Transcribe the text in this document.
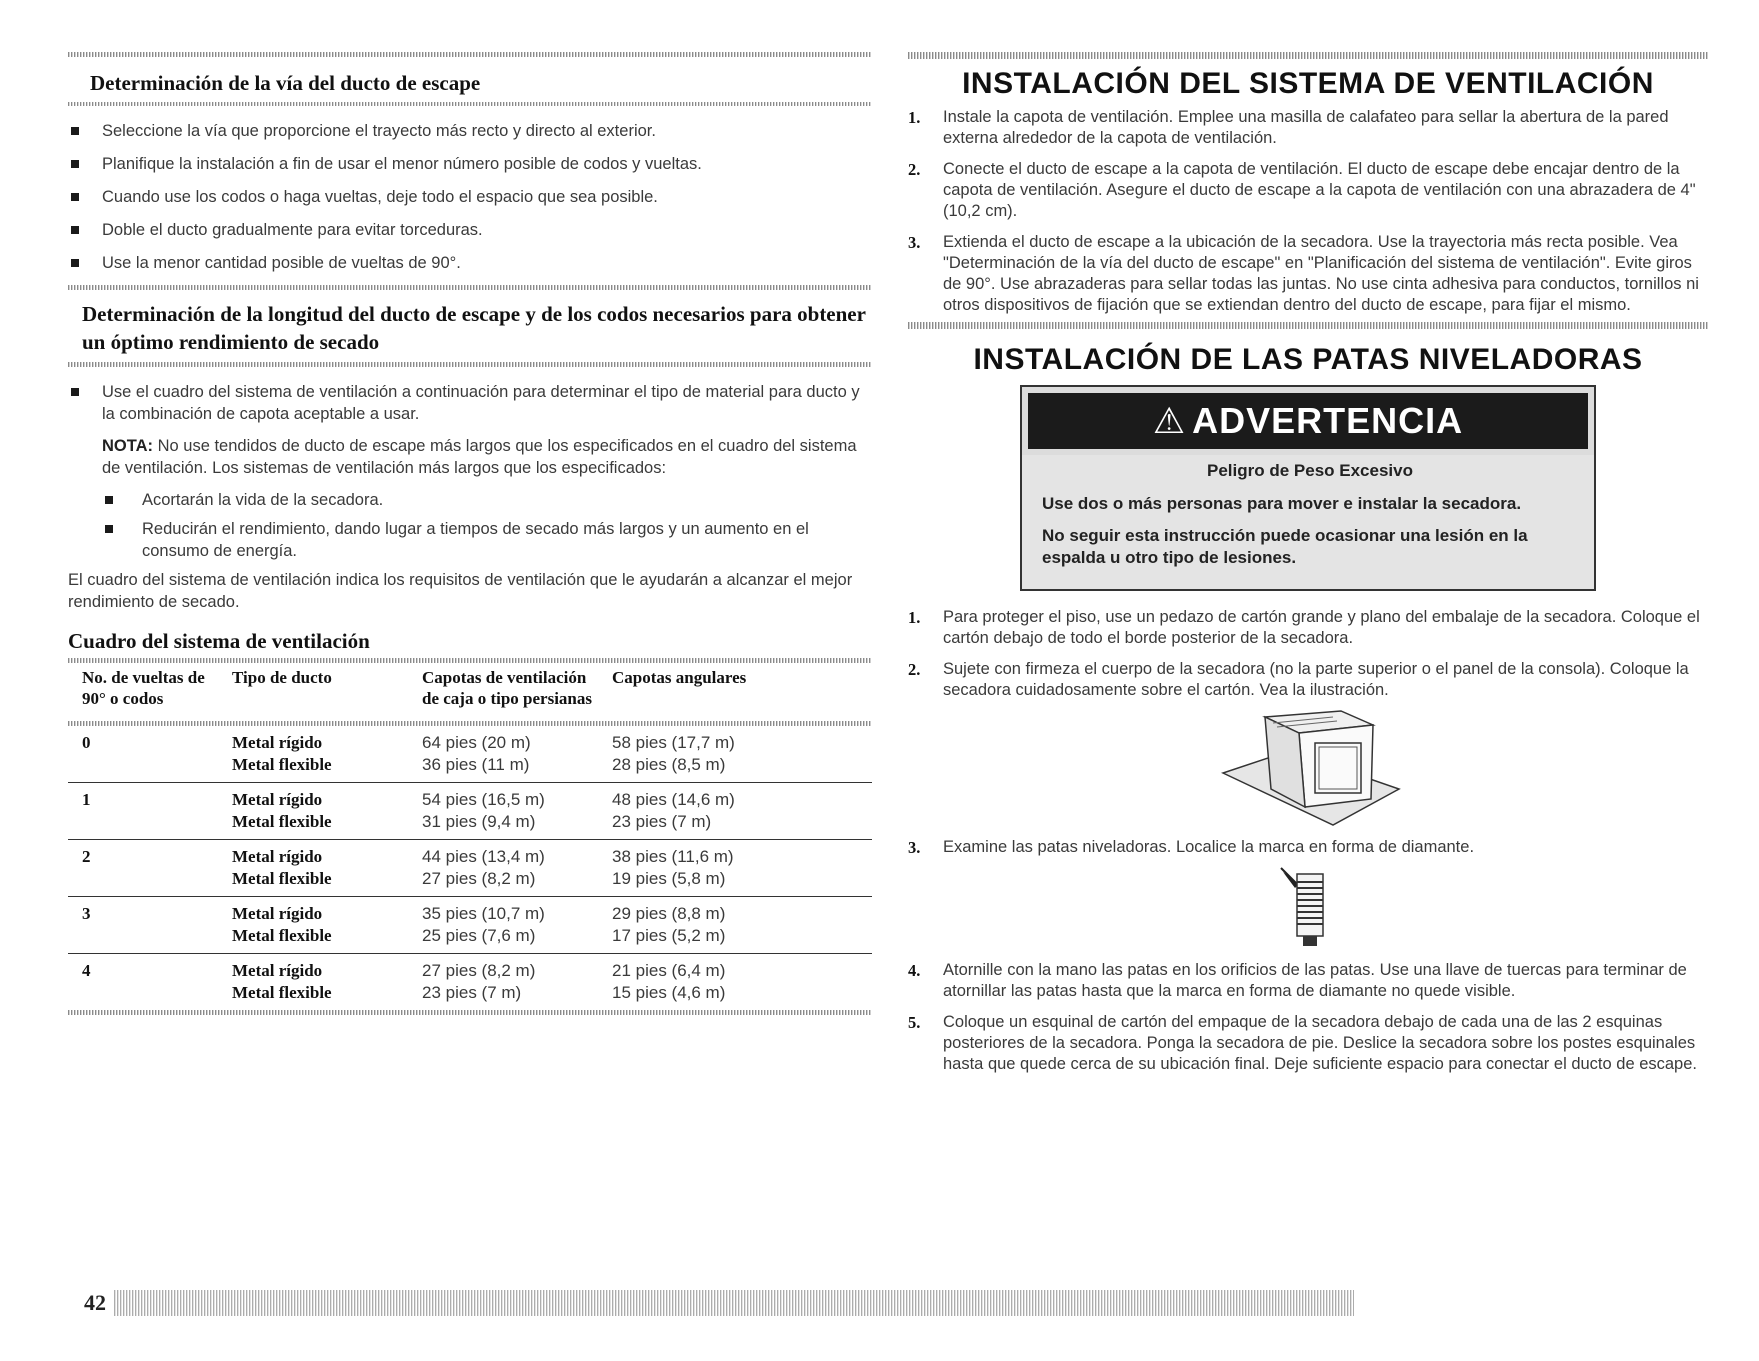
Determinación de la vía del ducto de escape
Seleccione la vía que proporcione el trayecto más recto y directo al exterior.
Planifique la instalación a fin de usar el menor número posible de codos y vueltas.
Cuando use los codos o haga vueltas, deje todo el espacio que sea posible.
Doble el ducto gradualmente para evitar torceduras.
Use la menor cantidad posible de vueltas de 90°.
Determinación de la longitud del ducto de escape y de los codos necesarios para obtener un óptimo rendimiento de secado
Use el cuadro del sistema de ventilación a continuación para determinar el tipo de material para ducto y la combinación de capota aceptable a usar.
NOTA: No use tendidos de ducto de escape más largos que los especificados en el cuadro del sistema de ventilación. Los sistemas de ventilación más largos que los especificados:
Acortarán la vida de la secadora.
Reducirán el rendimiento, dando lugar a tiempos de secado más largos y un aumento en el consumo de energía.
El cuadro del sistema de ventilación indica los requisitos de ventilación que le ayudarán a alcanzar el mejor rendimiento de secado.
Cuadro del sistema de ventilación
No. de vueltas de 90° o codos	Tipo de ducto	Capotas de ventilación de caja o tipo persianas	Capotas angulares

0	Metal rígido	64 pies (20 m)	58 pies (17,7 m)
	Metal flexible	36 pies (11 m)	28 pies (8,5 m)
1	Metal rígido	54 pies (16,5 m)	48 pies (14,6 m)
	Metal flexible	31 pies (9,4 m)	23 pies (7 m)
2	Metal rígido	44 pies (13,4 m)	38 pies (11,6 m)
	Metal flexible	27 pies (8,2 m)	19 pies (5,8 m)
3	Metal rígido	35 pies (10,7 m)	29 pies (8,8 m)
	Metal flexible	25 pies (7,6 m)	17 pies (5,2 m)
4	Metal rígido	27 pies (8,2 m)	21 pies (6,4 m)
	Metal flexible	23 pies (7 m)	15 pies (4,6 m)

INSTALACIÓN DEL SISTEMA DE VENTILACIÓN
1. Instale la capota de ventilación. Emplee una masilla de calafateo para sellar la abertura de la pared externa alrededor de la capota de ventilación.
2. Conecte el ducto de escape a la capota de ventilación. El ducto de escape debe encajar dentro de la capota de ventilación. Asegure el ducto de escape a la capota de ventilación con una abrazadera de 4" (10,2 cm).
3. Extienda el ducto de escape a la ubicación de la secadora. Use la trayectoria más recta posible. Vea "Determinación de la vía del ducto de escape" en "Planificación del sistema de ventilación". Evite giros de 90°. Use abrazaderas para sellar todas las juntas. No use cinta adhesiva para conductos, tornillos ni otros dispositivos de fijación que se extiendan dentro del ducto de escape, para fijar el mismo.
INSTALACIÓN DE LAS PATAS NIVELADORAS
⚠ ADVERTENCIA
Peligro de Peso Excesivo
Use dos o más personas para mover e instalar la secadora.
No seguir esta instrucción puede ocasionar una lesión en la espalda u otro tipo de lesiones.
1. Para proteger el piso, use un pedazo de cartón grande y plano del embalaje de la secadora. Coloque el cartón debajo de todo el borde posterior de la secadora.
2. Sujete con firmeza el cuerpo de la secadora (no la parte superior o el panel de la consola). Coloque la secadora cuidadosamente sobre el cartón. Vea la ilustración.
3. Examine las patas niveladoras. Localice la marca en forma de diamante.
4. Atornille con la mano las patas en los orificios de las patas. Use una llave de tuercas para terminar de atornillar las patas hasta que la marca en forma de diamante no quede visible.
5. Coloque un esquinal de cartón del empaque de la secadora debajo de cada una de las 2 esquinas posteriores de la secadora. Ponga la secadora de pie. Deslice la secadora sobre los postes esquinales hasta que quede cerca de su ubicación final. Deje suficiente espacio para conectar el ducto de escape.
42
